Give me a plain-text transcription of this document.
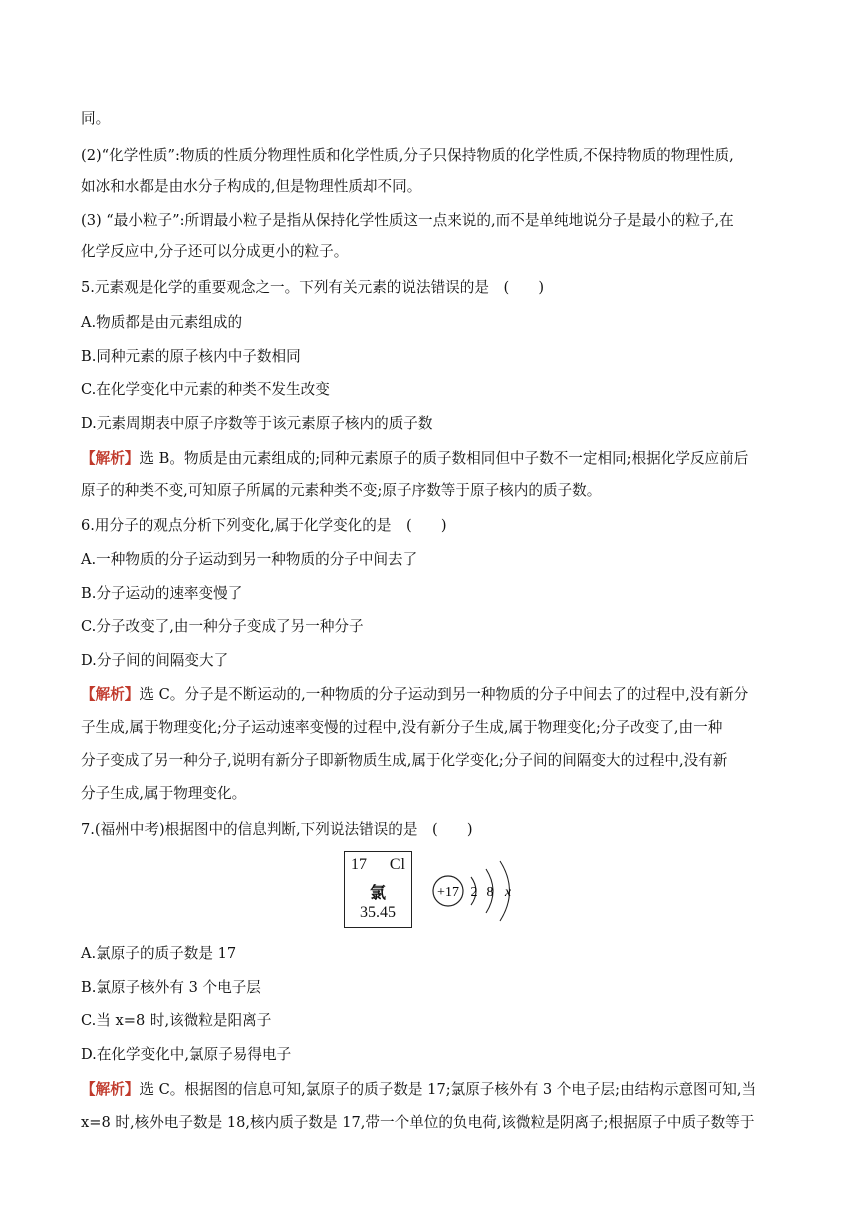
同。
(2)“化学性质”:物质的性质分物理性质和化学性质,分子只保持物质的化学性质,不保持物质的物理性质,
如冰和水都是由水分子构成的,但是物理性质却不同。
(3) “最小粒子”:所谓最小粒子是指从保持化学性质这一点来说的,而不是单纯地说分子是最小的粒子,在
化学反应中,分子还可以分成更小的粒子。
5.元素观是化学的重要观念之一。下列有关元素的说法错误的是　(　　)
A.物质都是由元素组成的
B.同种元素的原子核内中子数相同
C.在化学变化中元素的种类不发生改变
D.元素周期表中原子序数等于该元素原子核内的质子数
【解析】选 B。物质是由元素组成的;同种元素原子的质子数相同但中子数不一定相同;根据化学反应前后
原子的种类不变,可知原子所属的元素种类不变;原子序数等于原子核内的质子数。
6.用分子的观点分析下列变化,属于化学变化的是　(　　)
A.一种物质的分子运动到另一种物质的分子中间去了
B.分子运动的速率变慢了
C.分子改变了,由一种分子变成了另一种分子
D.分子间的间隔变大了
【解析】选 C。分子是不断运动的,一种物质的分子运动到另一种物质的分子中间去了的过程中,没有新分
子生成,属于物理变化;分子运动速率变慢的过程中,没有新分子生成,属于物理变化;分子改变了,由一种
分子变成了另一种分子,说明有新分子即新物质生成,属于化学变化;分子间的间隔变大的过程中,没有新
分子生成,属于物理变化。
7.(福州中考)根据图中的信息判断,下列说法错误的是　(　　)
17 Cl
氯
35.45
+17 2 8 x
A.氯原子的质子数是 17
B.氯原子核外有 3 个电子层
C.当 x=8 时,该微粒是阳离子
D.在化学变化中,氯原子易得电子
【解析】选 C。根据图的信息可知,氯原子的质子数是 17;氯原子核外有 3 个电子层;由结构示意图可知,当
x=8 时,核外电子数是 18,核内质子数是 17,带一个单位的负电荷,该微粒是阴离子;根据原子中质子数等于
